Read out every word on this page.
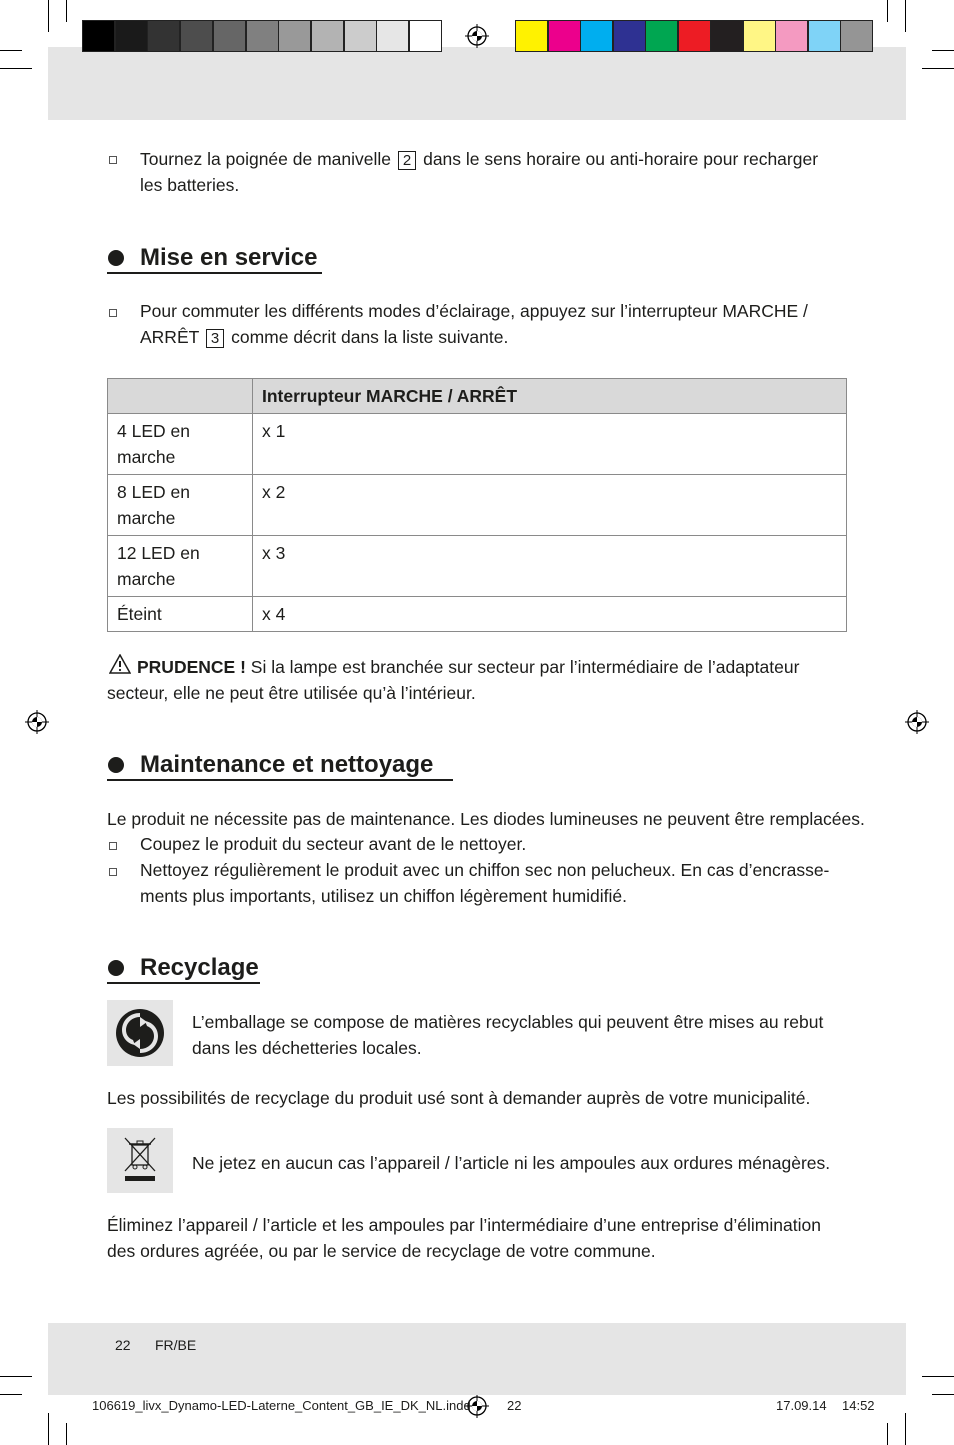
Tournez la poignée de manivelle 2 dans le sens horaire ou anti-horaire pour recharger
les batteries.
Mise en service
Pour commuter les différents modes d’éclairage, appuyez sur l’interrupteur MARCHE /
ARRÊT 3 comme décrit dans la liste suivante.
	Interrupteur MARCHE / ARRÊT
4 LED en marche	x 1
8 LED en marche	x 2
12 LED en marche	x 3
Éteint	x 4
PRUDENCE ! Si la lampe est branchée sur secteur par l’intermédiaire de l’adaptateur
secteur, elle ne peut être utilisée qu’à l’intérieur.
Maintenance et nettoyage
Le produit ne nécessite pas de maintenance. Les diodes lumineuses ne peuvent être remplacées.
Coupez le produit du secteur avant de le nettoyer.
Nettoyez régulièrement le produit avec un chiffon sec non pelucheux. En cas d’encrasse-
ments plus importants, utilisez un chiffon légèrement humidifié.
Recyclage
L’emballage se compose de matières recyclables qui peuvent être mises au rebut
dans les déchetteries locales.
Les possibilités de recyclage du produit usé sont à demander auprès de votre municipalité.
Ne jetez en aucun cas l’appareil / l’article ni les ampoules aux ordures ménagères.
Éliminez l’appareil / l’article et les ampoules par l’intermédiaire d’une entreprise d’élimination
des ordures agréée, ou par le service de recyclage de votre commune.
22 FR/BE
106619_livx_Dynamo-LED-Laterne_Content_GB_IE_DK_NL.indd	22	17.09.14 14:52
